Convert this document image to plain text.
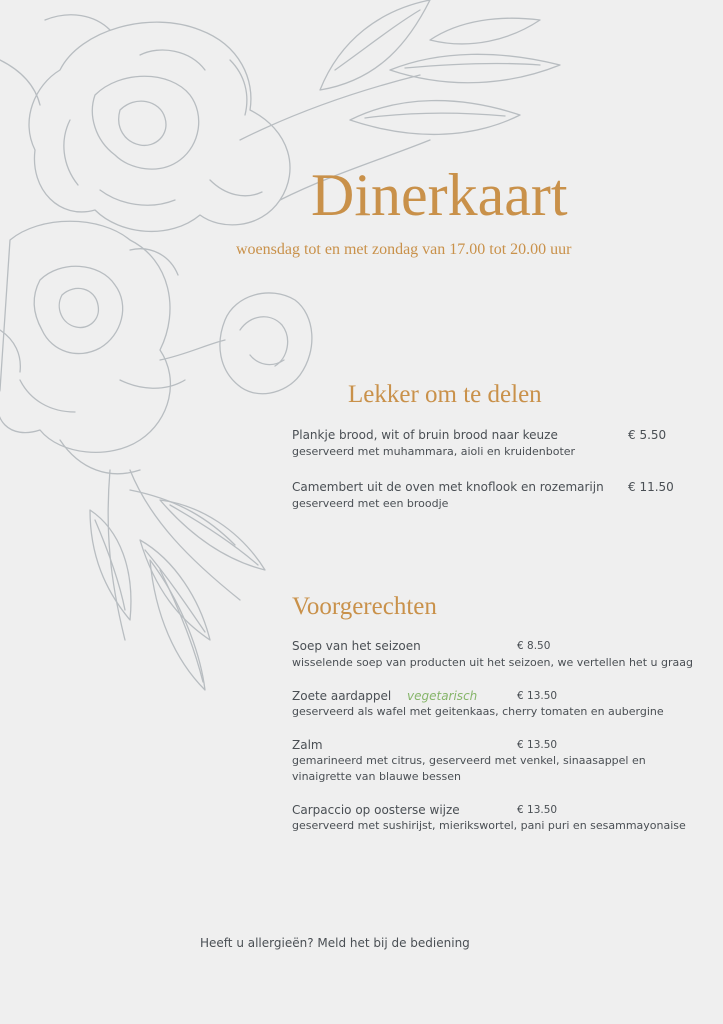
Dinerkaart
woensdag tot en met zondag van 17.00 tot 20.00 uur
Lekker om te delen
Plankje brood, wit of bruin brood naar keuze	€ 5.50
geserveerd met muhammara, aioli en kruidenboter
Camembert uit de oven met knoflook en rozemarijn € 11.50
geserveerd met een broodje
Voorgerechten
Soep van het seizoen	€ 8.50
wisselende soep van producten uit het seizoen, we vertellen het u graag
Zoete aardappel vegetarisch	€ 13.50
geserveerd als wafel met geitenkaas, cherry tomaten en aubergine
Zalm	€ 13.50
gemarineerd met citrus, geserveerd met venkel, sinaasappel en
vinaigrette van blauwe bessen
Carpaccio op oosterse wijze	€ 13.50
geserveerd met sushirijst, mierikswortel, pani puri en sesammayonaise
Heeft u allergieën? Meld het bij de bediening
